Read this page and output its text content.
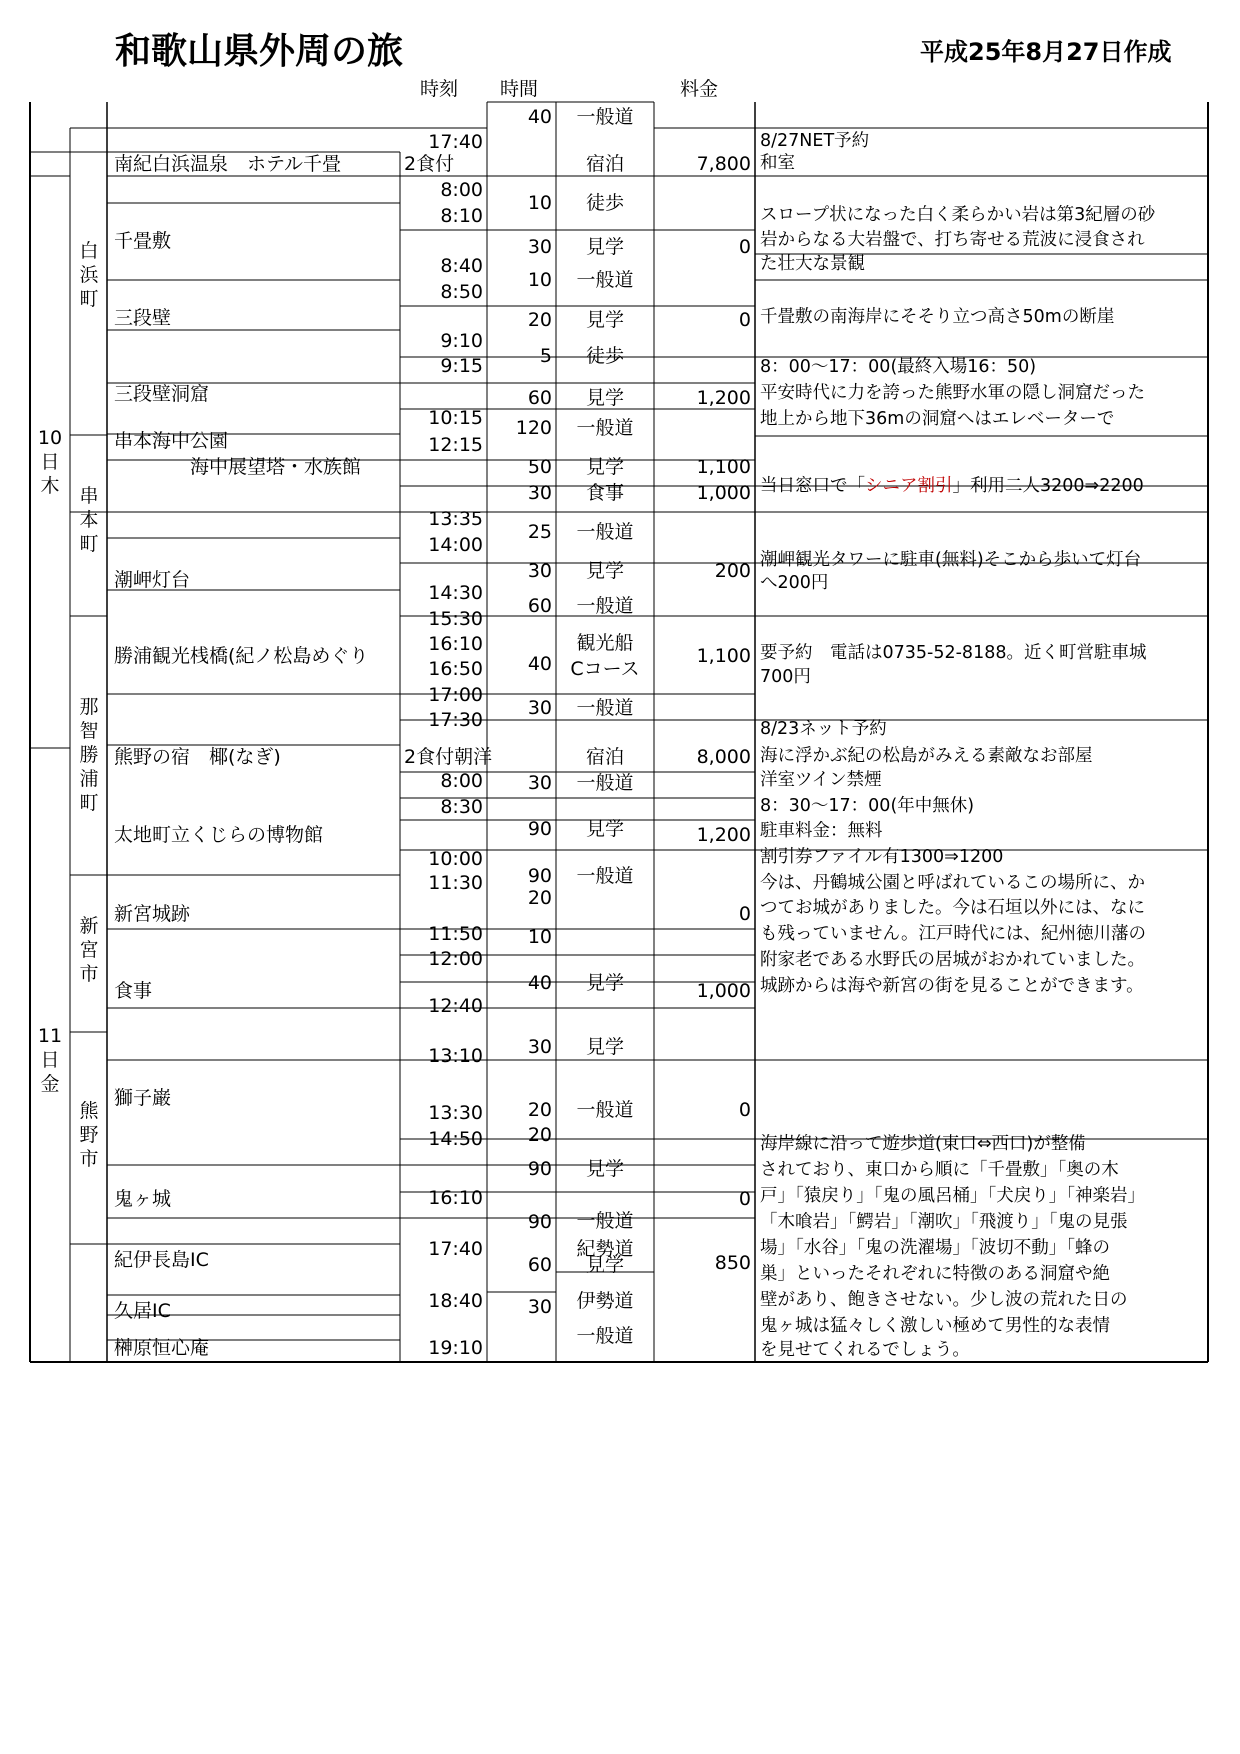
和歌山県外周の旅	平成25年8月27日作成
時刻 時間	料金
10
日
木
11
日
金
白
浜
町
串
本
町
那
智
勝
浦
町
新
宮
市
熊
野
市
南紀白浜温泉　ホテル千畳
千畳敷
三段壁
三段壁洞窟
串本海中公園
潮岬灯台
勝浦観光桟橋(紀ノ松島めぐり
熊野の宿　椰(なぎ)
太地町立くじらの博物館
新宮城跡
食事
獅子巌
鬼ヶ城
紀伊長島IC
久居IC
榊原恒心庵
海中展望塔・水族館
17:40
2食付
8:00
8:10
8:40
8:50
9:10
9:15
10:15
12:15
13:35
14:00
14:30
15:30
16:10
16:50
17:00
17:30
2食付朝洋
8:00
8:30
10:00
11:30
11:50
12:00
12:40
13:10
13:30
14:50
16:10
17:40
18:40
19:10
40
10
30
10
20
5
60
120
50
30
25
30
60
40
30
30
90
90
20
10
40
30
20
20
90
90
60
30
一般道
宿泊
徒歩
見学
一般道
見学
徒歩
見学
一般道
見学
食事
一般道
見学
一般道
観光船
Cコース
一般道
宿泊
一般道
見学
一般道
見学
見学
一般道
見学
一般道
見学
紀勢道
伊勢道
一般道
7,800
0
0
1,200
1,100
1,000
200
1,100
8,000
1,200
0
1,000
0
0
850
8/27NET予約
和室
スロープ状になった白く柔らかい岩は第3紀層の砂
岩からなる大岩盤で、打ち寄せる荒波に浸食され
た壮大な景観
千畳敷の南海岸にそそり立つ高さ50mの断崖
8：00～17：00(最終入場16：50)
平安時代に力を誇った熊野水軍の隠し洞窟だった
地上から地下36mの洞窟へはエレベーターで
潮岬観光タワーに駐車(無料)そこから歩いて灯台
へ200円
要予約　電話は0735-52-8188。近く町営駐車城
700円
8/23ネット予約
海に浮かぶ紀の松島がみえる素敵なお部屋
洋室ツイン禁煙
8：30～17：00(年中無休)
駐車料金：無料
割引券ファイル有1300⇒1200
今は、丹鶴城公園と呼ばれているこの場所に、か
つてお城がありました。今は石垣以外には、なに
も残っていません。江戸時代には、紀州徳川藩の
附家老である水野氏の居城がおかれていました。
城跡からは海や新宮の街を見ることができます。
海岸線に沿って遊歩道(東口⇔西口)が整備
されており、東口から順に「千畳敷」「奥の木
戸」「猿戻り」「鬼の風呂桶」「犬戻り」「神楽岩」
「木喰岩」「鰐岩」「潮吹」「飛渡り」「鬼の見張
場」「水谷」「鬼の洗濯場」「波切不動」「蜂の
巣」といったそれぞれに特徴のある洞窟や絶
壁があり、飽きさせない。少し波の荒れた日の
鬼ヶ城は猛々しく激しい極めて男性的な表情
を見せてくれるでしょう。
当日窓口で「シニア割引」利用二人3200⇒2200
